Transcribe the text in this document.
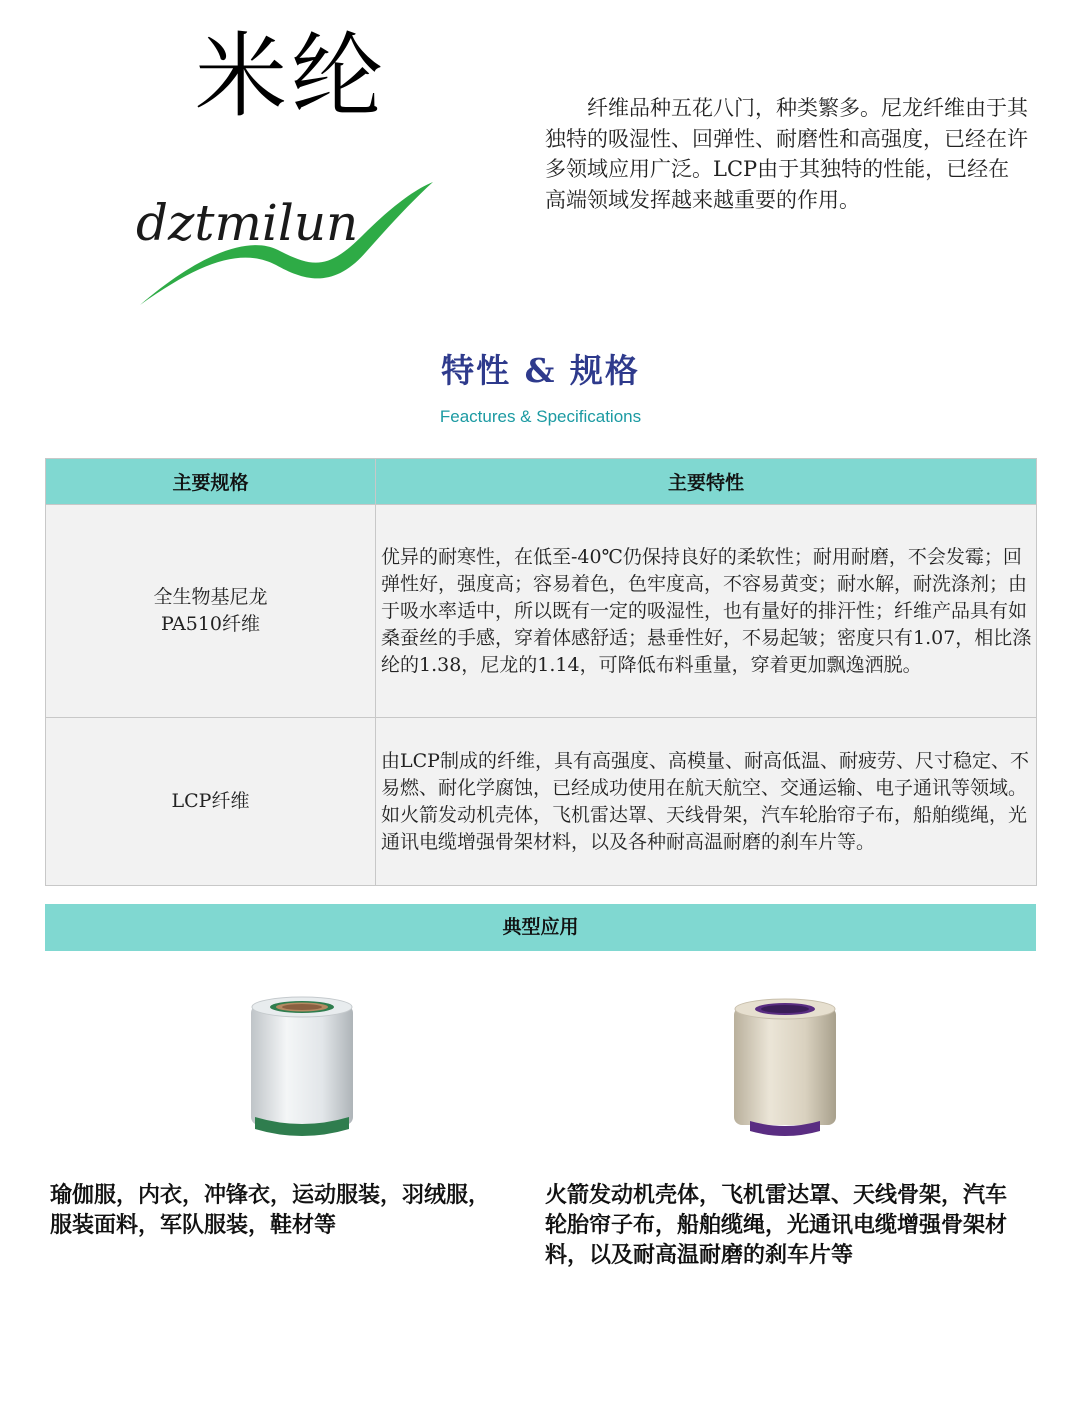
米纶
dztmilun

纤维品种五花八门，种类繁多。尼龙纤维由于其独特的吸湿性、回弹性、耐磨性和高强度，已经在许多领域应用广泛。LCP由于其独特的性能，已经在高端领域发挥越来越重要的作用。

特性 & 规格
Feactures & Specifications
主要规格	主要特性

全生物基尼龙
PA510纤维	优异的耐寒性，在低至-40℃仍保持良好的柔软性；耐用耐磨，不会发霉；回弹性好，强度高；容易着色，色牢度高，不容易黄变；耐水解，耐洗涤剂；由于吸水率适中，所以既有一定的吸湿性，也有量好的排汗性；纤维产品具有如桑蚕丝的手感，穿着体感舒适；悬垂性好，不易起皱；密度只有1.07，相比涤纶的1.38，尼龙的1.14，可降低布料重量，穿着更加飘逸洒脱。

LCP纤维	由LCP制成的纤维，具有高强度、高模量、耐高低温、耐疲劳、尺寸稳定、不易燃、耐化学腐蚀，已经成功使用在航天航空、交通运输、电子通讯等领域。如火箭发动机壳体，飞机雷达罩、天线骨架，汽车轮胎帘子布，船舶缆绳，光通讯电缆增强骨架材料，以及各种耐高温耐磨的刹车片等。
典型应用

瑜伽服，内衣，冲锋衣，运动服装，羽绒服，服装面料，军队服装，鞋材等

火箭发动机壳体，飞机雷达罩、天线骨架，汽车轮胎帘子布，船舶缆绳，光通讯电缆增强骨架材料，以及耐高温耐磨的刹车片等
